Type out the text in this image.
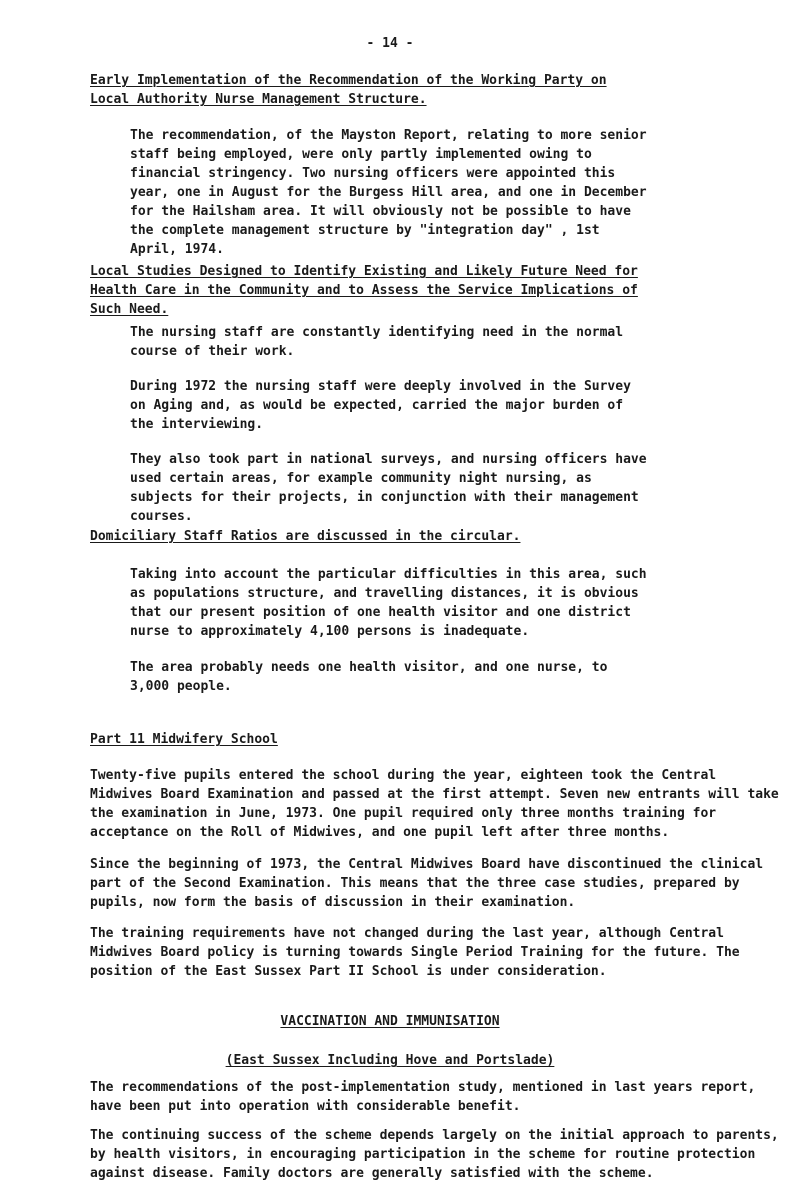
- 14 -
Early Implementation of the Recommendation of the Working Party on Local Authority Nurse Management Structure.
The recommendation, of the Mayston Report, relating to more senior staff being employed, were only partly implemented owing to financial stringency. Two nursing officers were appointed this year, one in August for the Burgess Hill area, and one in December for the Hailsham area. It will obviously not be possible to have the complete management structure by "integration day" , 1st April, 1974.
Local Studies Designed to Identify Existing and Likely Future Need for Health Care in the Community and to Assess the Service Implications of Such Need.
The nursing staff are constantly identifying need in the normal course of their work.
During 1972 the nursing staff were deeply involved in the Survey on Aging and, as would be expected, carried the major burden of the interviewing.
They also took part in national surveys, and nursing officers have used certain areas, for example community night nursing, as subjects for their projects, in conjunction with their management courses.
Domiciliary Staff Ratios are discussed in the circular.
Taking into account the particular difficulties in this area, such as populations structure, and travelling distances, it is obvious that our present position of one health visitor and one district nurse to approximately 4,100 persons is inadequate.
The area probably needs one health visitor, and one nurse, to 3,000 people.
Part 11 Midwifery School
Twenty-five pupils entered the school during the year, eighteen took the Central Midwives Board Examination and passed at the first attempt. Seven new entrants will take the examination in June, 1973. One pupil required only three months training for acceptance on the Roll of Midwives, and one pupil left after three months.
Since the beginning of 1973, the Central Midwives Board have discontinued the clinical part of the Second Examination. This means that the three case studies, prepared by pupils, now form the basis of discussion in their examination.
The training requirements have not changed during the last year, although Central Midwives Board policy is turning towards Single Period Training for the future. The position of the East Sussex Part II School is under consideration.
VACCINATION AND IMMUNISATION
(East Sussex Including Hove and Portslade)
The recommendations of the post-implementation study, mentioned in last years report, have been put into operation with considerable benefit.
The continuing success of the scheme depends largely on the initial approach to parents, by health visitors, in encouraging participation in the scheme for routine protection against disease. Family doctors are generally satisfied with the scheme.
